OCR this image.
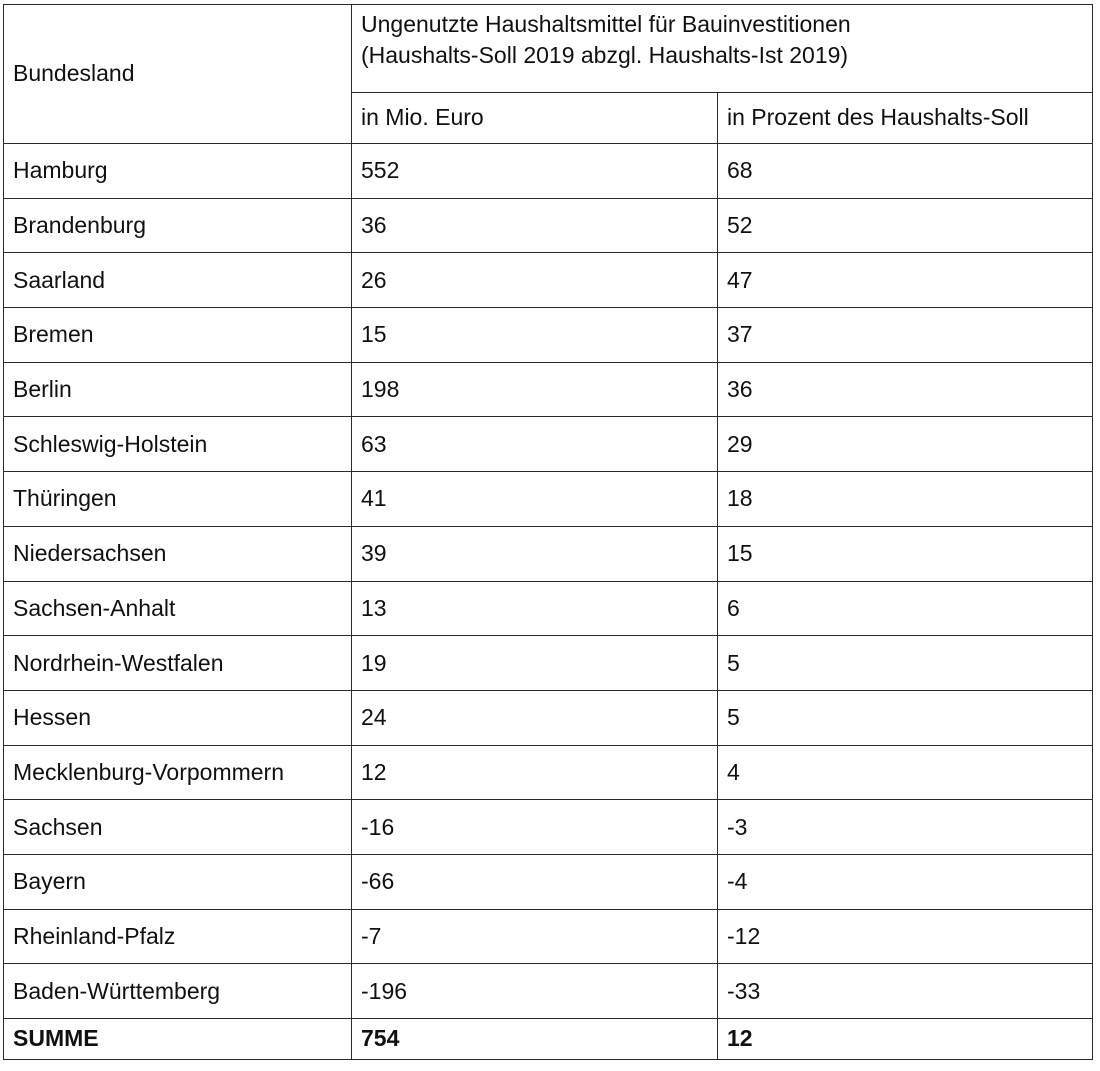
Bundesland	Ungenutzte Haushaltsmittel für Bauinvestitionen
(Haushalts-Soll 2019 abzgl. Haushalts-Ist 2019)	

	in Mio. Euro	in Prozent des Haushalts-Soll
Hamburg	552	68
Brandenburg	36	52
Saarland	26	47
Bremen	15	37
Berlin	198	36
Schleswig-Holstein	63	29
Thüringen	41	18
Niedersachsen	39	15
Sachsen-Anhalt	13	6
Nordrhein-Westfalen	19	5
Hessen	24	5
Mecklenburg-Vorpommern	12	4
Sachsen	-16	-3
Bayern	-66	-4
Rheinland-Pfalz	-7	-12
Baden-Württemberg	-196	-33
SUMME	754	12
